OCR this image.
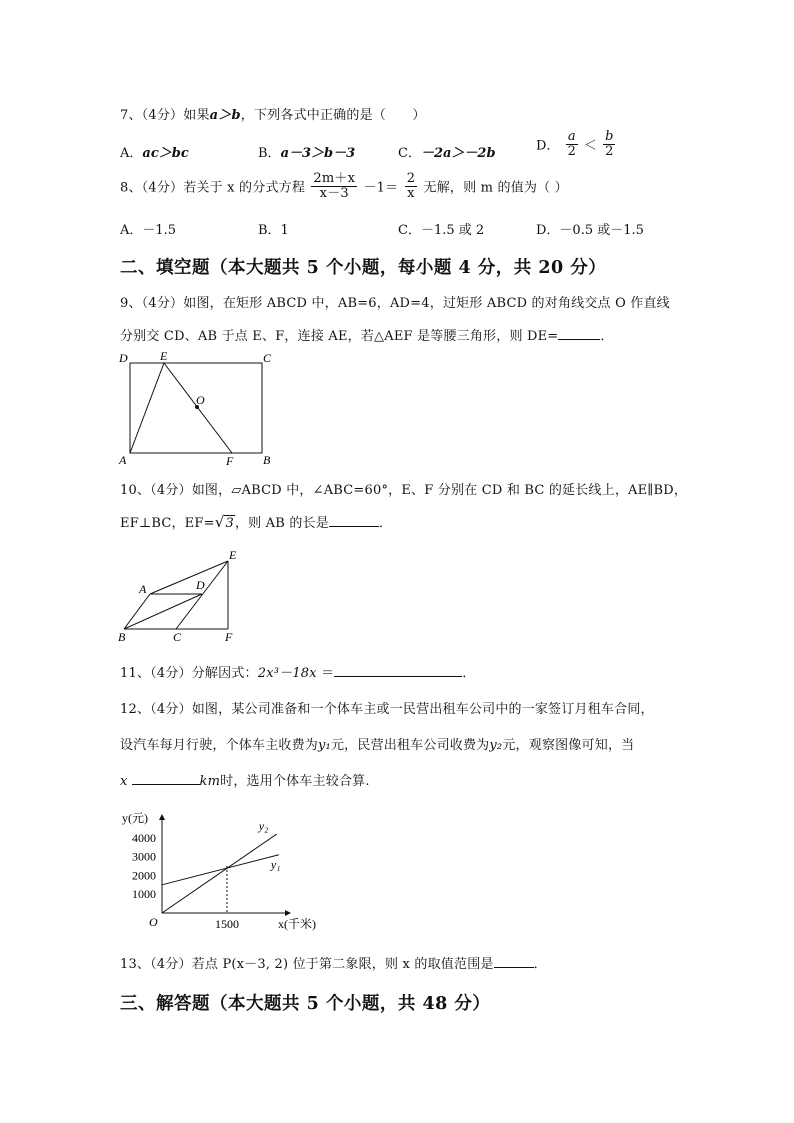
7、（4分）如果a＞b，下列各式中正确的是（　　）
A．ac＞bc	B．a－3＞b－3	C．－2a＞－2b	D． $\frac{a}{2} < \frac{b}{2}$
8、（4分）若关于 x 的分式方程 $\frac{2m+x}{x-3} -1= \frac{2}{x}$ 无解，则 m 的值为（ ）
A．－1.5	B．1	C．－1.5 或 2	D．－0.5 或－1.5
二、填空题（本大题共 5 个小题，每小题 4 分，共 20 分）
9、（4分）如图，在矩形 ABCD 中，AB=6，AD=4，过矩形 ABCD 的对角线交点 O 作直线
分别交 CD、AB 于点 E、F，连接 AE，若△AEF 是等腰三角形，则 DE=	．
D	E	C
O
A	F B
10、（4分）如图，▱ABCD 中，∠ABC=60°，E、F 分别在 CD 和 BC 的延长线上，AE∥BD，
EF⊥BC，EF=√3，则 AB 的长是	．
E
A	D
B	C	F
11、（4分）分解因式：2x³－18x ＝	．
12、（4分）如图，某公司准备和一个体车主或一民营出租车公司中的一家签订月租车合同，
设汽车每月行驶，个体车主收费为y₁元，民营出租车公司收费为y₂元，观察图像可知，当
x	km时，选用个体车主较合算.
1000
2000
3000
4000
1500
y₁
y₂
y(元)
x(千米)
O
13、（4分）若点 P(x－3, 2) 位于第二象限，则 x 的取值范围是	．
三、解答题（本大题共 5 个小题，共 48 分）
